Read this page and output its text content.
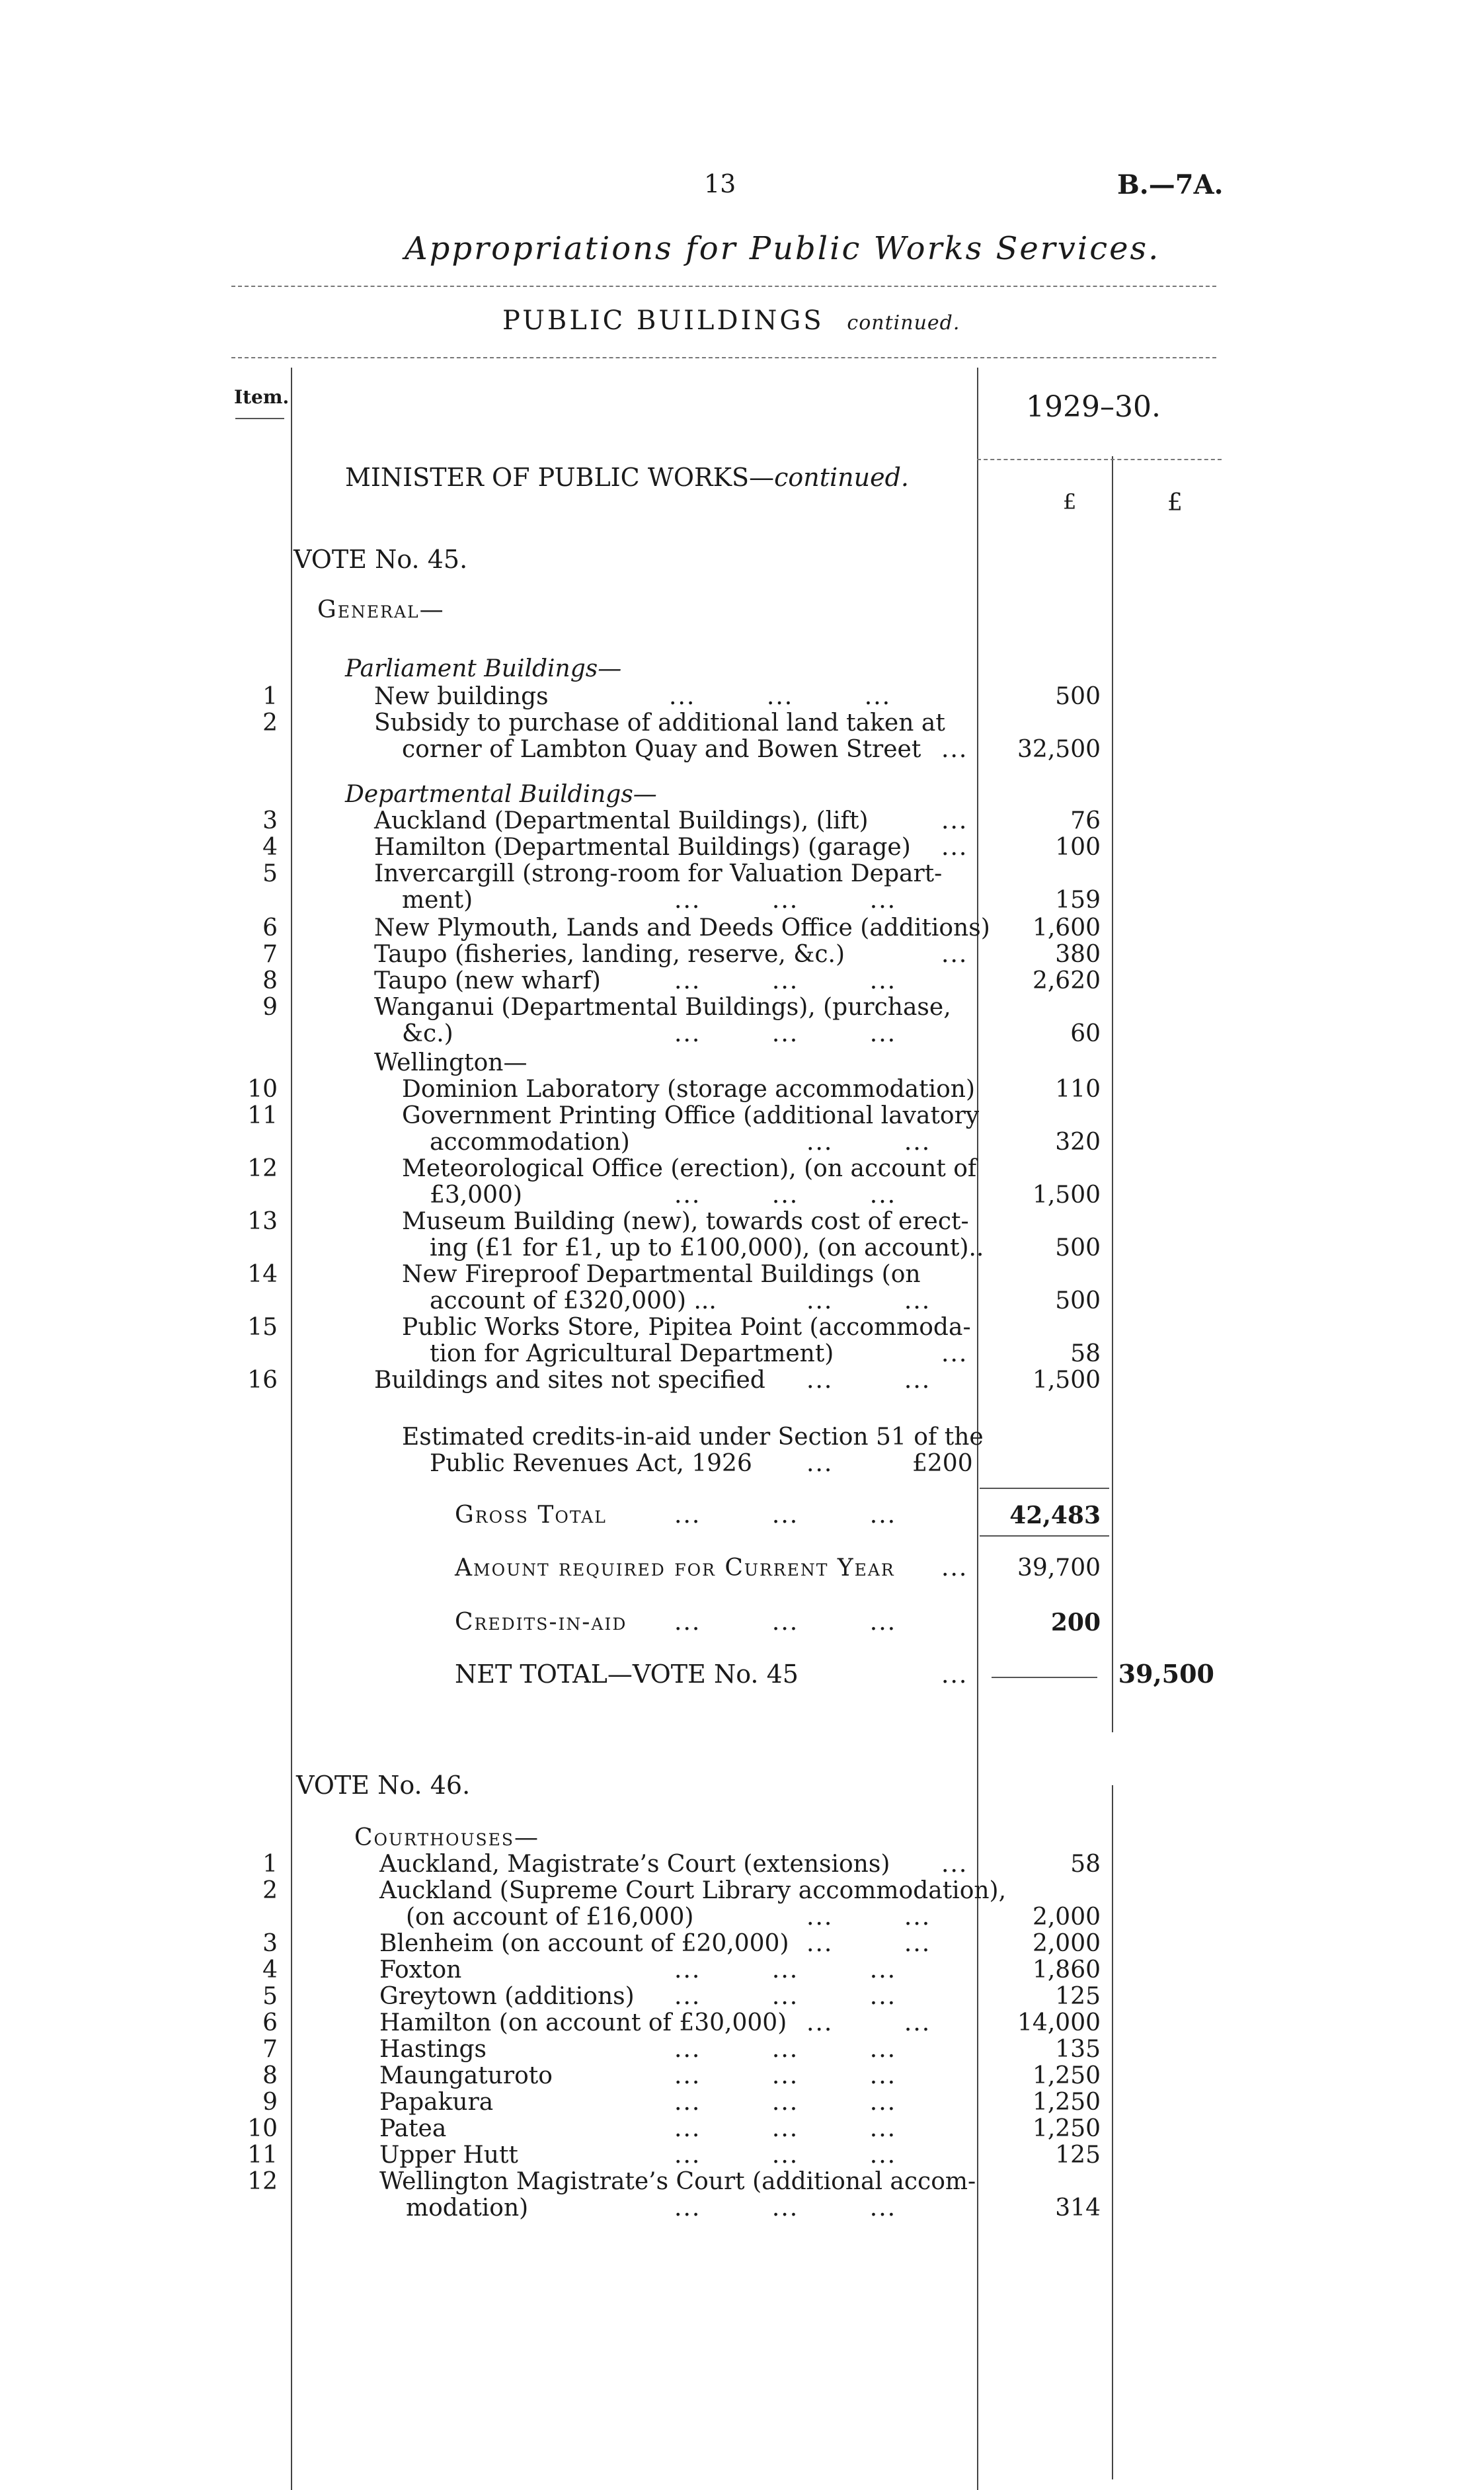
13	B.—7A.
Appropriations for Public Works Services.
PUBLIC BUILDINGS continued.
Item.	1929–30.
£	£
MINISTER OF PUBLIC WORKS—continued.
VOTE No. 45.
General—
Parliament Buildings—
1	New buildings	...        ...        ...	500
2	Subsidy to purchase of additional land taken at
corner of Lambton Quay and Bowen Street ... 32,500
3	Auckland (Departmental Buildings), (lift)	...	76
4	Hamilton (Departmental Buildings) (garage) ...	100
5	Invercargill (strong-room for Valuation Depart-
ment)	...        ...        ...	159
6	New Plymouth, Lands and Deeds Office (additions) 1,600
7	Taupo (fisheries, landing, reserve, &c.)	...	380
8	Taupo (new wharf)	...        ...        ...	2,620
9	Wanganui (Departmental Buildings), (purchase,
&c.)	...        ...        ...	60
10	Dominion Laboratory (storage accommodation)	110
11	Government Printing Office (additional lavatory
accommodation)	...        ...	320
12	Meteorological Office (erection), (on account of
£3,000)	...        ...        ...	1,500
13	Museum Building (new), towards cost of erect-
ing (£1 for £1, up to £100,000), (on account)..	500
14	New Fireproof Departmental Buildings (on
account of £320,000) ...	...        ...	500
15	Public Works Store, Pipitea Point (accommoda-
tion for Agricultural Department)	...	58
16	Buildings and sites not specified ...        ...	1,500
Departmental Buildings—
Wellington—
Estimated credits-in-aid under Section 51 of the
Public Revenues Act, 1926 ...	£200
Gross Total	...	...	...	42,483
Amount required for Current Year ... 39,700
Credits-in-aid ...	...	...	200
NET TOTAL—VOTE No. 45	...	39,500
VOTE No. 46.
Courthouses—
1	Auckland, Magistrate’s Court (extensions) ...	58
2	Auckland (Supreme Court Library accommodation),
(on account of £16,000)	...        ...	2,000
3	Blenheim (on account of £20,000) ...        ...	2,000
4	Foxton	...        ...        ...	1,860
5	Greytown (additions) ...        ...        ...	125
6	Hamilton (on account of £30,000) ...        ...	14,000
7	Hastings	...        ...        ...	135
8	Maungaturoto	...        ...        ...	1,250
9	Papakura	...        ...        ...	1,250
10	Patea	...        ...        ...	1,250
11	Upper Hutt	...        ...        ...	125
12	Wellington Magistrate’s Court (additional accom-
modation)	...        ...        ...	314
